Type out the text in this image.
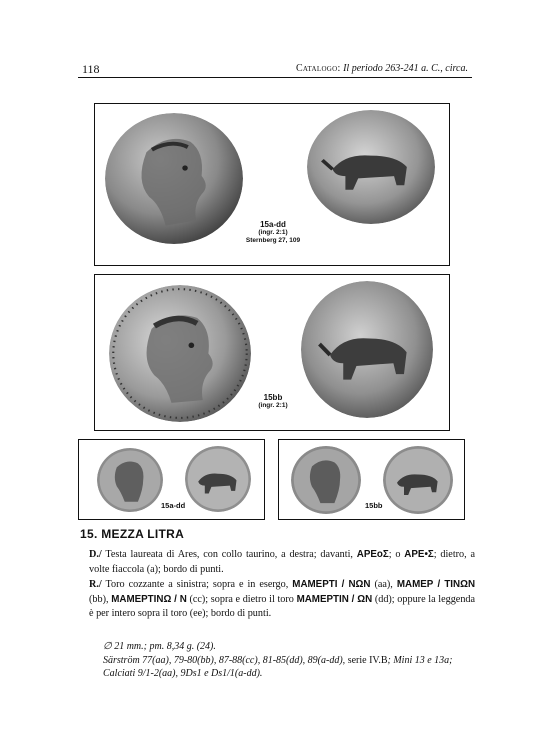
118	Catalogo: Il periodo 263-241 a. C., circa.
15a-dd
(ingr. 2:1)
Sternberg 27, 109
15bb
(ingr. 2:1)
15a-dd	15bb
15. MEZZA LITRA
D./ Testa laureata di Ares, con collo taurino, a destra; davanti, AΡEoΣ; o AΡE•Σ; dietro, a volte fiaccola (a); bordo di punti.
R./ Toro cozzante a sinistra; sopra e in esergo, MAMEΡTI / NΩN (aa), MAMEΡ / TINΩN (bb), MAMEΡTINΩ / N (cc); sopra e dietro il toro MAMEΡTIN / ΩN (dd); oppure la leggenda è per intero sopra il toro (ee); bordo di punti.
∅ 21 mm.; pm. 8,34 g. (24).
Särström 77(aa), 79-80(bb), 87-88(cc), 81-85(dd), 89(a-dd), serie IV.B; Mini 13 e 13a; Calciati 9/1-2(aa), 9Ds1 e Ds1/1(a-dd).
